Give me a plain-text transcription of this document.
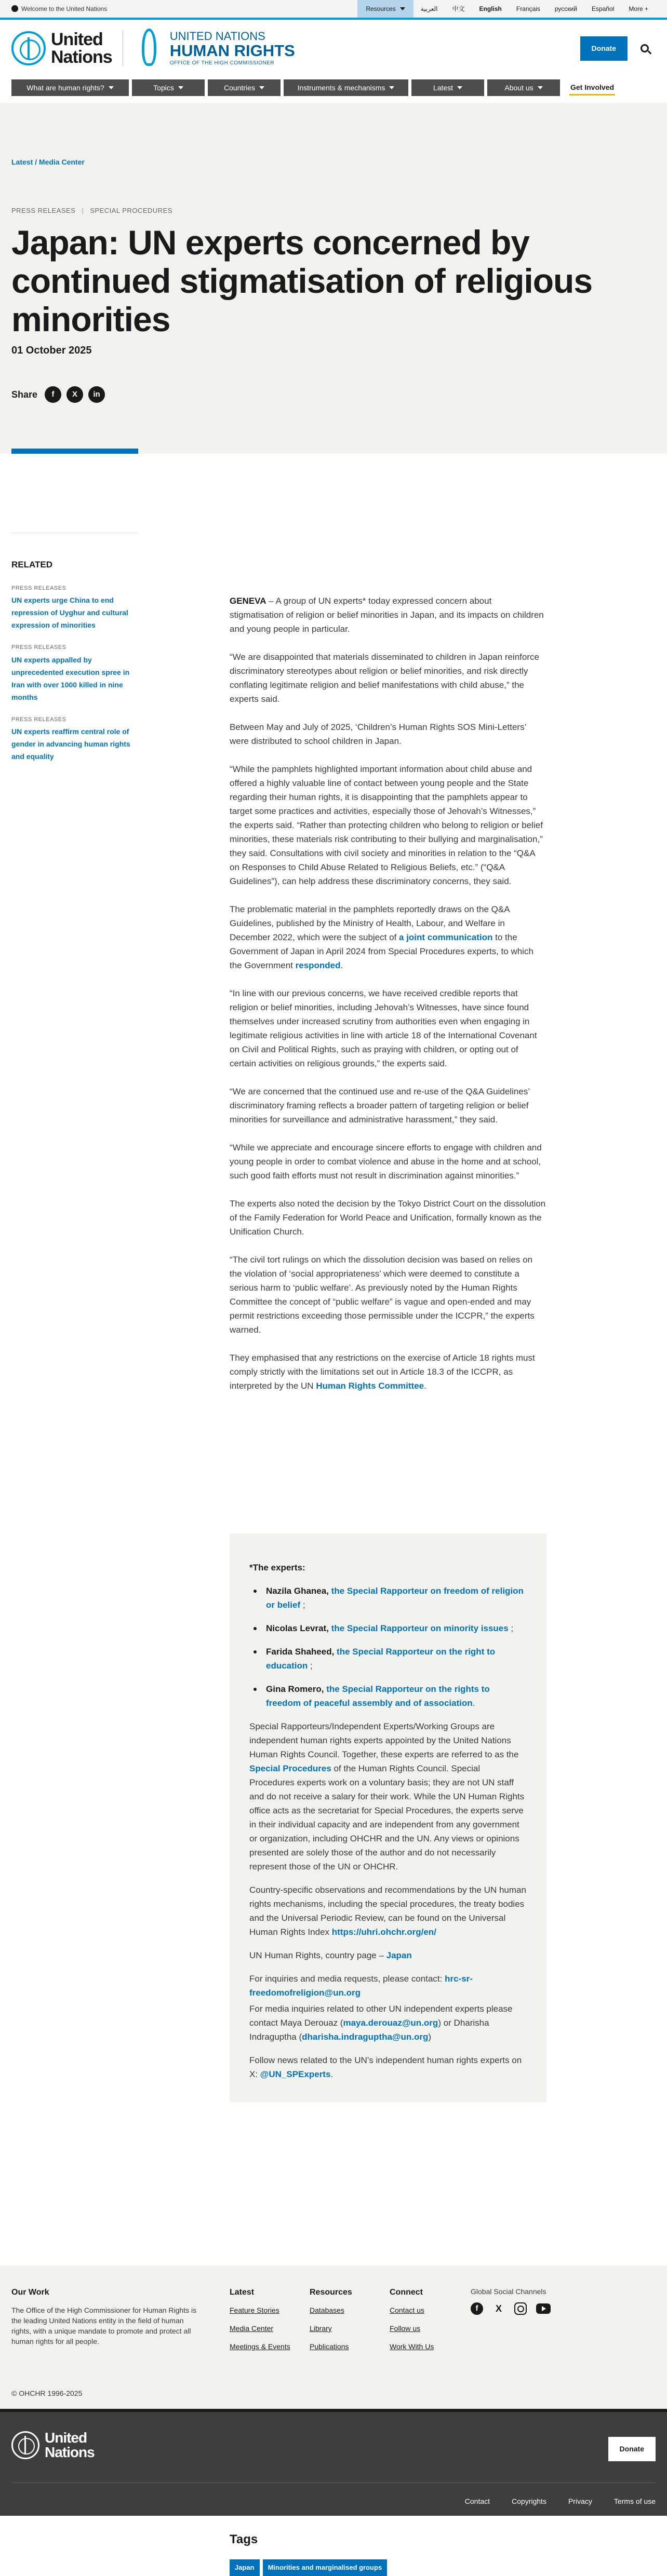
Welcome to the United Nations	Resources	العربية	中文	English	Français	русский	Español	More +
United
Nations
UNITED NATIONS
HUMAN RIGHTS
OFFICE OF THE HIGH COMMISSIONER
Donate
What are human rights?	Topics	Countries	Instruments & mechanisms	Latest	About us	Get Involved
Latest / Media Center
PRESS RELEASES | SPECIAL PROCEDURES
Japan: UN experts concerned by continued stigmatisation of religious minorities
01 October 2025
Share	f	X	in
RELATED
PRESS RELEASES
UN experts urge China to end repression of Uyghur and cultural expression of minorities
PRESS RELEASES
UN experts appalled by unprecedented execution spree in Iran with over 1000 killed in nine months
PRESS RELEASES
UN experts reaffirm central role of gender in advancing human rights and equality

GENEVA – A group of UN experts* today expressed concern about stigmatisation of religion or belief minorities in Japan, and its impacts on children and young people in particular.

“We are disappointed that materials disseminated to children in Japan reinforce discriminatory stereotypes about religion or belief minorities, and risk directly conflating legitimate religion and belief manifestations with child abuse,” the experts said.

Between May and July of 2025, ‘Children’s Human Rights SOS Mini-Letters’ were distributed to school children in Japan.

“While the pamphlets highlighted important information about child abuse and offered a highly valuable line of contact between young people and the State regarding their human rights, it is disappointing that the pamphlets appear to target some practices and activities, especially those of Jehovah’s Witnesses,” the experts said. “Rather than protecting children who belong to religion or belief minorities, these materials risk contributing to their bullying and marginalisation,” they said. Consultations with civil society and minorities in relation to the “Q&A on Responses to Child Abuse Related to Religious Beliefs, etc.” (“Q&A Guidelines”), can help address these discriminatory concerns, they said.

The problematic material in the pamphlets reportedly draws on the Q&A Guidelines, published by the Ministry of Health, Labour, and Welfare in December 2022, which were the subject of a joint communication to the Government of Japan in April 2024 from Special Procedures experts, to which the Government responded.

“In line with our previous concerns, we have received credible reports that religion or belief minorities, including Jehovah’s Witnesses, have since found themselves under increased scrutiny from authorities even when engaging in legitimate religious activities in line with article 18 of the International Covenant on Civil and Political Rights, such as praying with children, or opting out of certain activities on religious grounds,” the experts said.

“We are concerned that the continued use and re-use of the Q&A Guidelines’ discriminatory framing reflects a broader pattern of targeting religion or belief minorities for surveillance and administrative harassment,” they said.

“While we appreciate and encourage sincere efforts to engage with children and young people in order to combat violence and abuse in the home and at school, such good faith efforts must not result in discrimination against minorities.”

The experts also noted the decision by the Tokyo District Court on the dissolution of the Family Federation for World Peace and Unification, formally known as the Unification Church.

“The civil tort rulings on which the dissolution decision was based on relies on the violation of ‘social appropriateness’ which were deemed to constitute a serious harm to ‘public welfare’. As previously noted by the Human Rights Committee the concept of “public welfare” is vague and open-ended and may permit restrictions exceeding those permissible under the ICCPR,” the experts warned.

They emphasised that any restrictions on the exercise of Article 18 rights must comply strictly with the limitations set out in Article 18.3 of the ICCPR, as interpreted by the UN Human Rights Committee.

*The experts:
Nazila Ghanea, the Special Rapporteur on freedom of religion or belief ;
Nicolas Levrat, the Special Rapporteur on minority issues ;
Farida Shaheed, the Special Rapporteur on the right to education ;
Gina Romero, the Special Rapporteur on the rights to freedom of peaceful assembly and of association.

Special Rapporteurs/Independent Experts/Working Groups are independent human rights experts appointed by the United Nations Human Rights Council. Together, these experts are referred to as the Special Procedures of the Human Rights Council. Special Procedures experts work on a voluntary basis; they are not UN staff and do not receive a salary for their work. While the UN Human Rights office acts as the secretariat for Special Procedures, the experts serve in their individual capacity and are independent from any government or organization, including OHCHR and the UN. Any views or opinions presented are solely those of the author and do not necessarily represent those of the UN or OHCHR.

Country-specific observations and recommendations by the UN human rights mechanisms, including the special procedures, the treaty bodies and the Universal Periodic Review, can be found on the Universal Human Rights Index https://uhri.ohchr.org/en/

UN Human Rights, country page – Japan

For inquiries and media requests, please contact: hrc-sr-freedomofreligion@un.org

For media inquiries related to other UN independent experts please contact Maya Derouaz (maya.derouaz@un.org) or Dharisha Indraguptha (dharisha.indraguptha@un.org)

Follow news related to the UN’s independent human rights experts on X: @UN_SPExperts.

Tags
Japan	Minorities and marginalised groups
Our Work
The Office of the High Commissioner for Human Rights is the leading United Nations entity in the field of human rights, with a unique mandate to promote and protect all human rights for all people.
Latest
Feature Stories
Media Center
Meetings & Events
Resources
Databases
Library
Publications
Connect
Contact us
Follow us
Work With Us
Global Social Channels
f	X
© OHCHR 1996-2025
United
Nations	Donate
Contact	Copyrights	Privacy	Terms of use
